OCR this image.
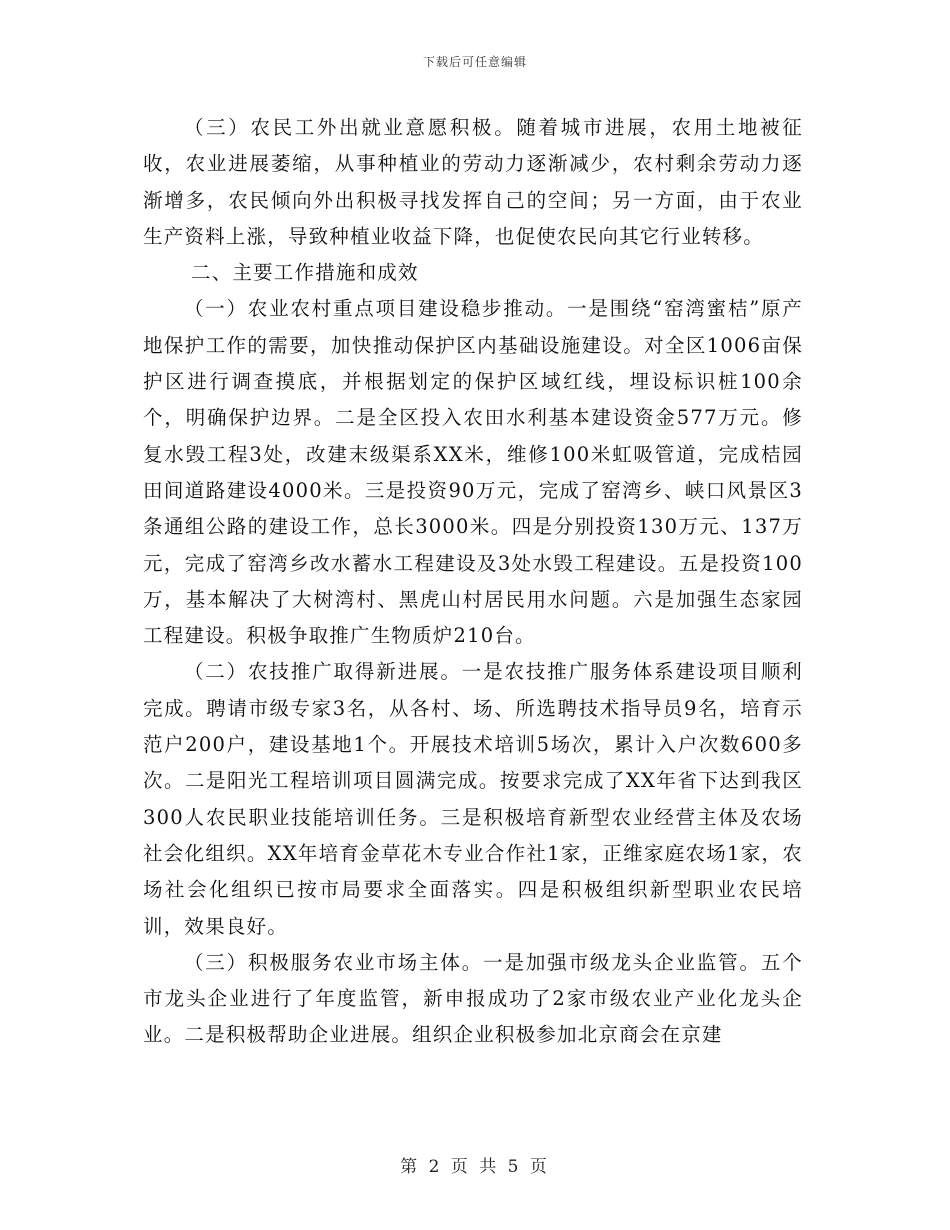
下载后可任意编辑

（三）农民工外出就业意愿积极。随着城市进展，农用土地被征收，农业进展萎缩，从事种植业的劳动力逐渐减少，农村剩余劳动力逐渐增多，农民倾向外出积极寻找发挥自己的空间；另一方面，由于农业生产资料上涨，导致种植业收益下降，也促使农民向其它行业转移。

二、主要工作措施和成效

（一）农业农村重点项目建设稳步推动。一是围绕“窑湾蜜桔”原产地保护工作的需要，加快推动保护区内基础设施建设。对全区1006亩保护区进行调查摸底，并根据划定的保护区域红线，埋设标识桩100余个，明确保护边界。二是全区投入农田水利基本建设资金577万元。修复水毁工程3处，改建末级渠系XX米，维修100米虹吸管道，完成桔园田间道路建设4000米。三是投资90万元，完成了窑湾乡、峡口风景区3条通组公路的建设工作，总长3000米。四是分别投资130万元、137万元，完成了窑湾乡改水蓄水工程建设及3处水毁工程建设。五是投资100万，基本解决了大树湾村、黑虎山村居民用水问题。六是加强生态家园工程建设。积极争取推广生物质炉210台。

（二）农技推广取得新进展。一是农技推广服务体系建设项目顺利完成。聘请市级专家3名，从各村、场、所选聘技术指导员9名，培育示范户200户，建设基地1个。开展技术培训5场次，累计入户次数600多次。二是阳光工程培训项目圆满完成。按要求完成了XX年省下达到我区300人农民职业技能培训任务。三是积极培育新型农业经营主体及农场社会化组织。XX年培育金草花木专业合作社1家，正维家庭农场1家，农场社会化组织已按市局要求全面落实。四是积极组织新型职业农民培训，效果良好。

（三）积极服务农业市场主体。一是加强市级龙头企业监管。五个市龙头企业进行了年度监管，新申报成功了2家市级农业产业化龙头企业。二是积极帮助企业进展。组织企业积极参加北京商会在京建

第 2 页 共 5 页
